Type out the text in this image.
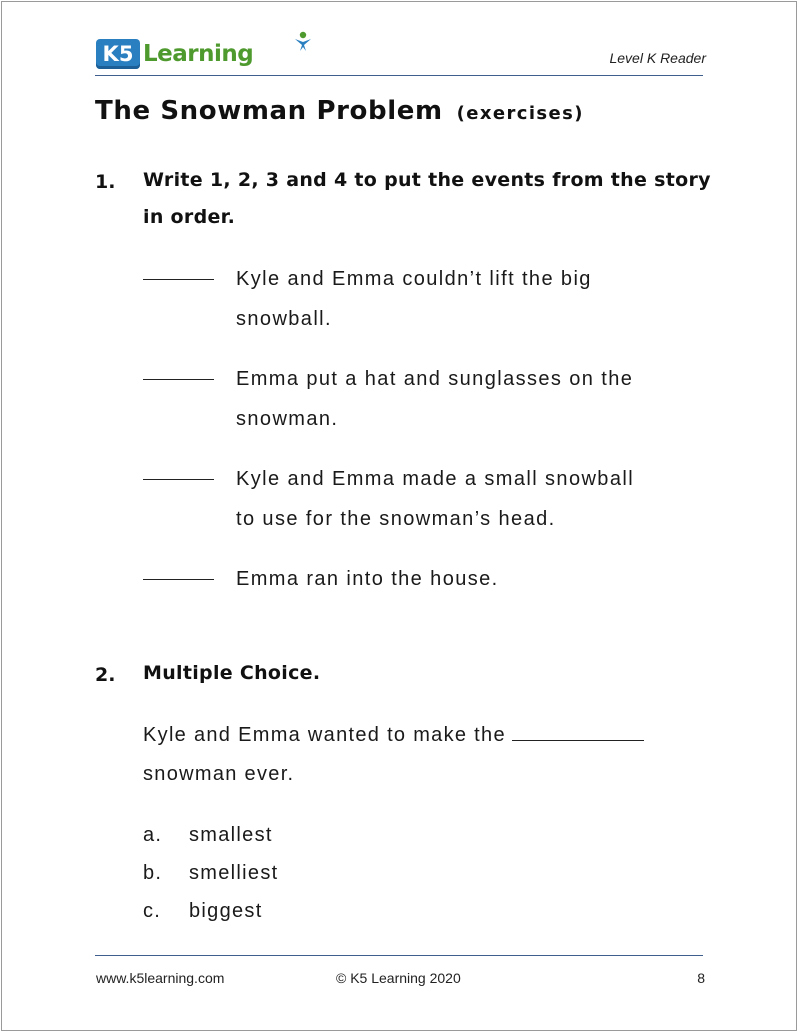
K5 Learning	Level K Reader
The Snowman Problem (exercises)
1. Write 1, 2, 3 and 4 to put the events from the story in order.
Kyle and Emma couldn’t lift the big
snowball.
Emma put a hat and sunglasses on the
snowman.
Kyle and Emma made a small snowball
to use for the snowman’s head.
Emma ran into the house.
2. Multiple Choice.
Kyle and Emma wanted to make the
snowman ever.
a. smallest
b. smelliest
c. biggest
www.k5learning.com	© K5 Learning 2020	8
